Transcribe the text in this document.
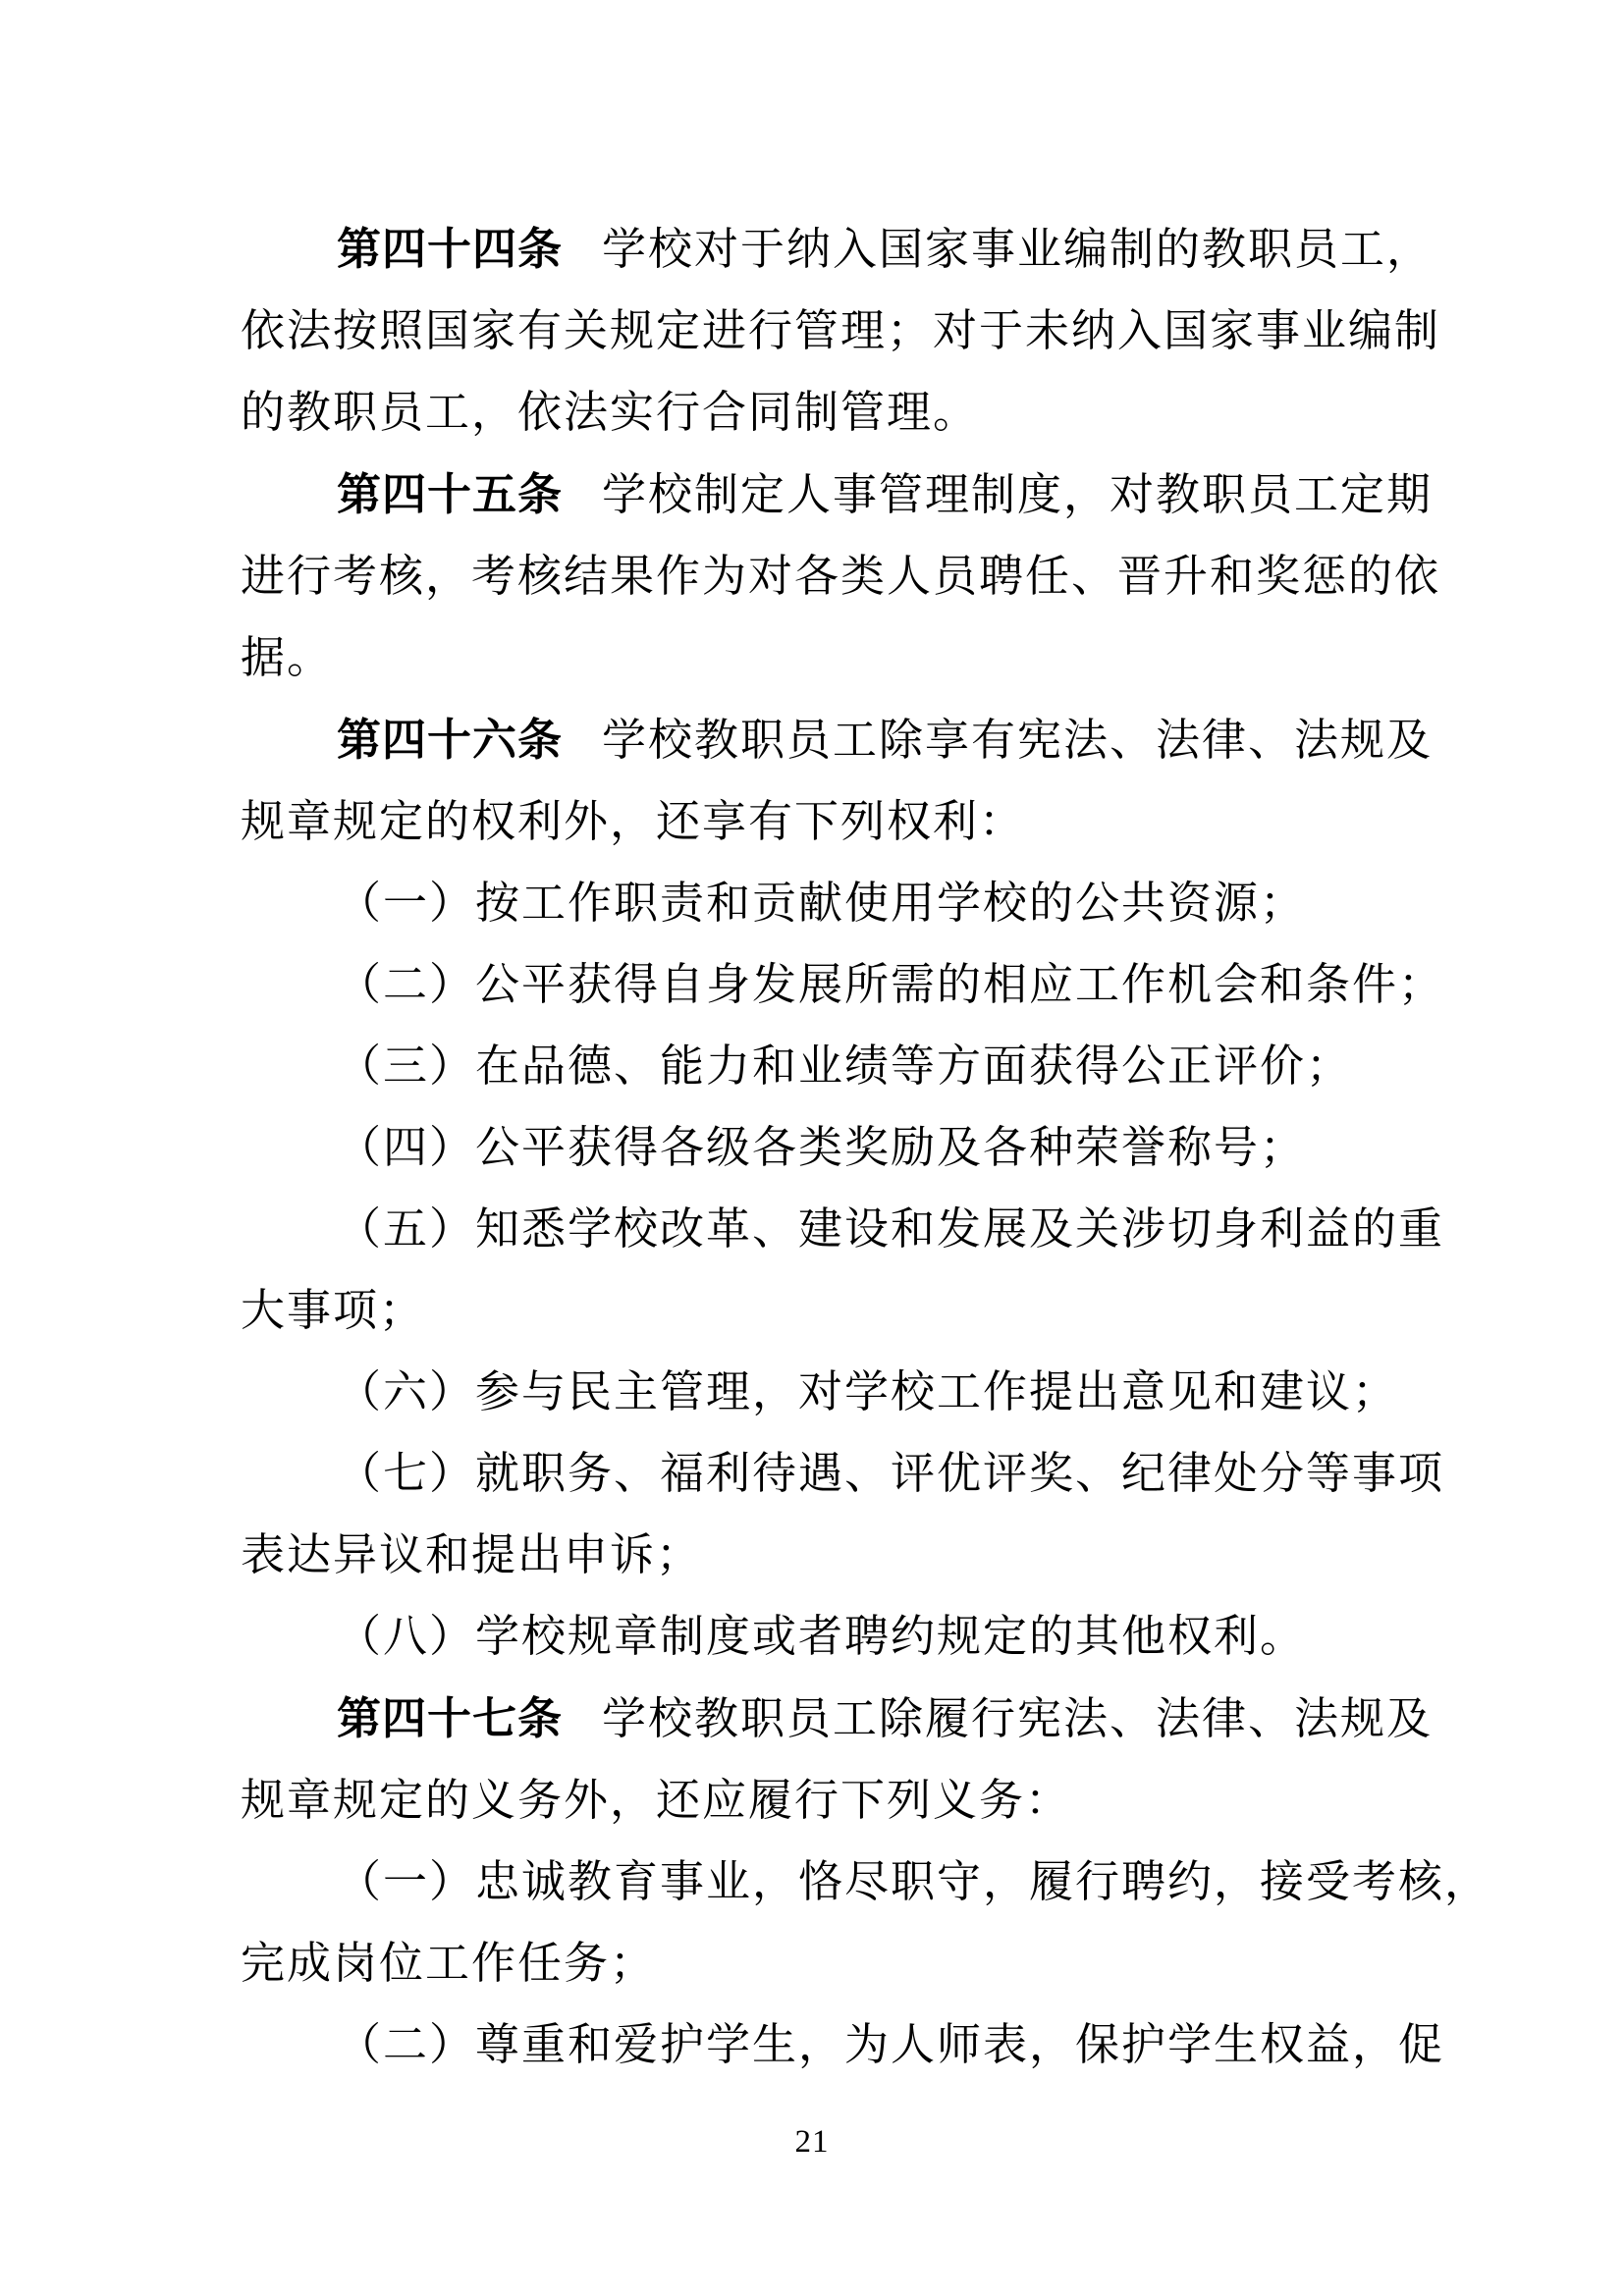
第四十四条 学校对于纳入国家事业编制的教职员工，

依法按照国家有关规定进行管理；对于未纳入国家事业编制

的教职员工，依法实行合同制管理。

第四十五条 学校制定人事管理制度，对教职员工定期

进行考核，考核结果作为对各类人员聘任、晋升和奖惩的依

据。

第四十六条 学校教职员工除享有宪法、法律、法规及

规章规定的权利外，还享有下列权利：

（一）按工作职责和贡献使用学校的公共资源；

（二）公平获得自身发展所需的相应工作机会和条件；

（三）在品德、能力和业绩等方面获得公正评价；

（四）公平获得各级各类奖励及各种荣誉称号；

（五）知悉学校改革、建设和发展及关涉切身利益的重

大事项；

（六）参与民主管理，对学校工作提出意见和建议；

（七）就职务、福利待遇、评优评奖、纪律处分等事项

表达异议和提出申诉；

（八）学校规章制度或者聘约规定的其他权利。

第四十七条 学校教职员工除履行宪法、法律、法规及

规章规定的义务外，还应履行下列义务：

（一）忠诚教育事业，恪尽职守，履行聘约，接受考核，

完成岗位工作任务；

（二）尊重和爱护学生，为人师表，保护学生权益，促

21
